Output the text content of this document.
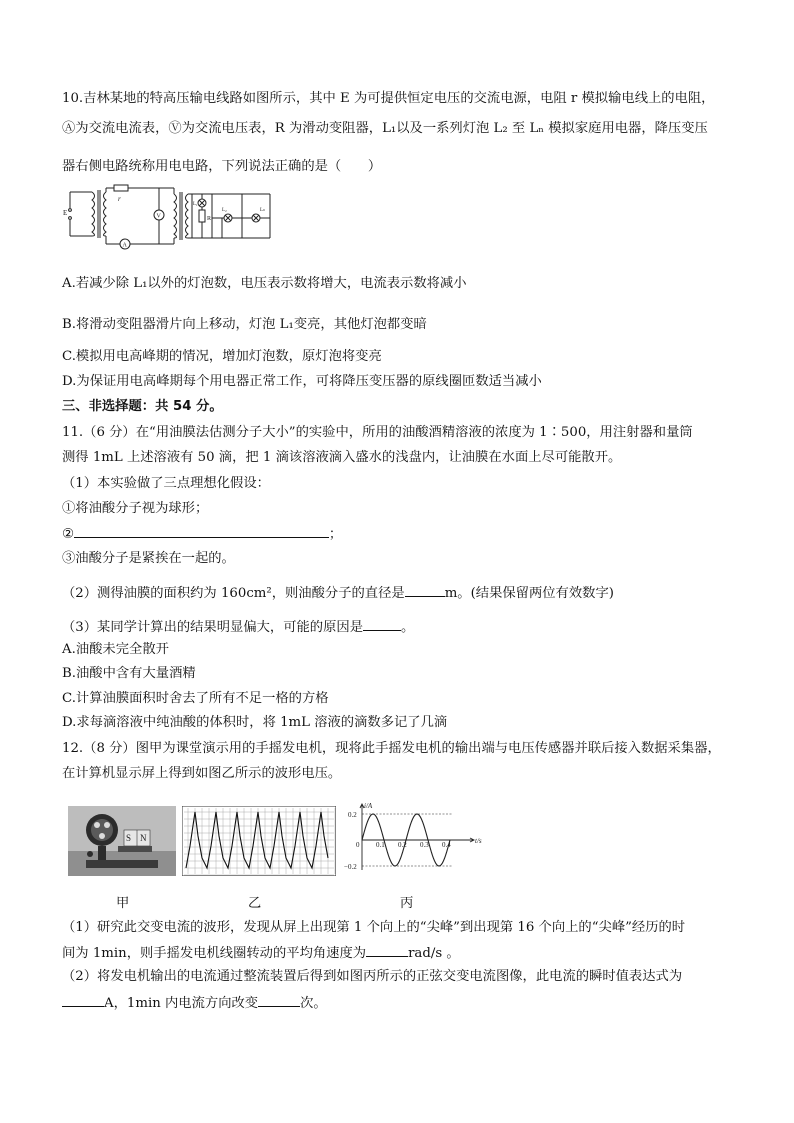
10.吉林某地的特高压输电线路如图所示，其中 E 为可提供恒定电压的交流电源，电阻 r 模拟输电线上的电阻，
Ⓐ为交流电流表，Ⓥ为交流电压表，R 为滑动变阻器，L₁以及一系列灯泡 L₂ 至 Lₙ 模拟家庭用电器，降压变压
器右侧电路统称用电电路，下列说法正确的是（　　）
E
r
V
A
L₁
R
L₂	Lₙ
A.若减少除 L₁以外的灯泡数，电压表示数将增大，电流表示数将减小
B.将滑动变阻器滑片向上移动，灯泡 L₁变亮，其他灯泡都变暗
C.模拟用电高峰期的情况，增加灯泡数，原灯泡将变亮
D.为保证用电高峰期每个用电器正常工作，可将降压变压器的原线圈匝数适当减小
三、非选择题：共 54 分。
11.（6 分）在“用油膜法估测分子大小”的实验中，所用的油酸酒精溶液的浓度为 1∶500，用注射器和量筒
测得 1mL 上述溶液有 50 滴，把 1 滴该溶液滴入盛水的浅盘内，让油膜在水面上尽可能散开。
（1）本实验做了三点理想化假设：
①将油酸分子视为球形；
②	；
③油酸分子是紧挨在一起的。
（2）测得油膜的面积约为 160cm²，则油酸分子的直径是	m。(结果保留两位有效数字)
（3）某同学计算出的结果明显偏大，可能的原因是	。
A.油酸未完全散开
B.油酸中含有大量酒精
C.计算油膜面积时舍去了所有不足一格的方格
D.求每滴溶液中纯油酸的体积时，将 1mL 溶液的滴数多记了几滴
12.（8 分）图甲为课堂演示用的手摇发电机，现将此手摇发电机的输出端与电压传感器并联后接入数据采集器，
在计算机显示屏上得到如图乙所示的波形电压。
S N
i/A
t/s
0.2
−0.2
0 0.1 0.2 0.3 0.4
甲	乙	丙
（1）研究此交变电流的波形，发现从屏上出现第 1 个向上的“尖峰”到出现第 16 个向上的“尖峰”经历的时
间为 1min，则手摇发电机线圈转动的平均角速度为	rad/s 。
（2）将发电机输出的电流通过整流装置后得到如图丙所示的正弦交变电流图像，此电流的瞬时值表达式为
A，1min 内电流方向改变	次。
